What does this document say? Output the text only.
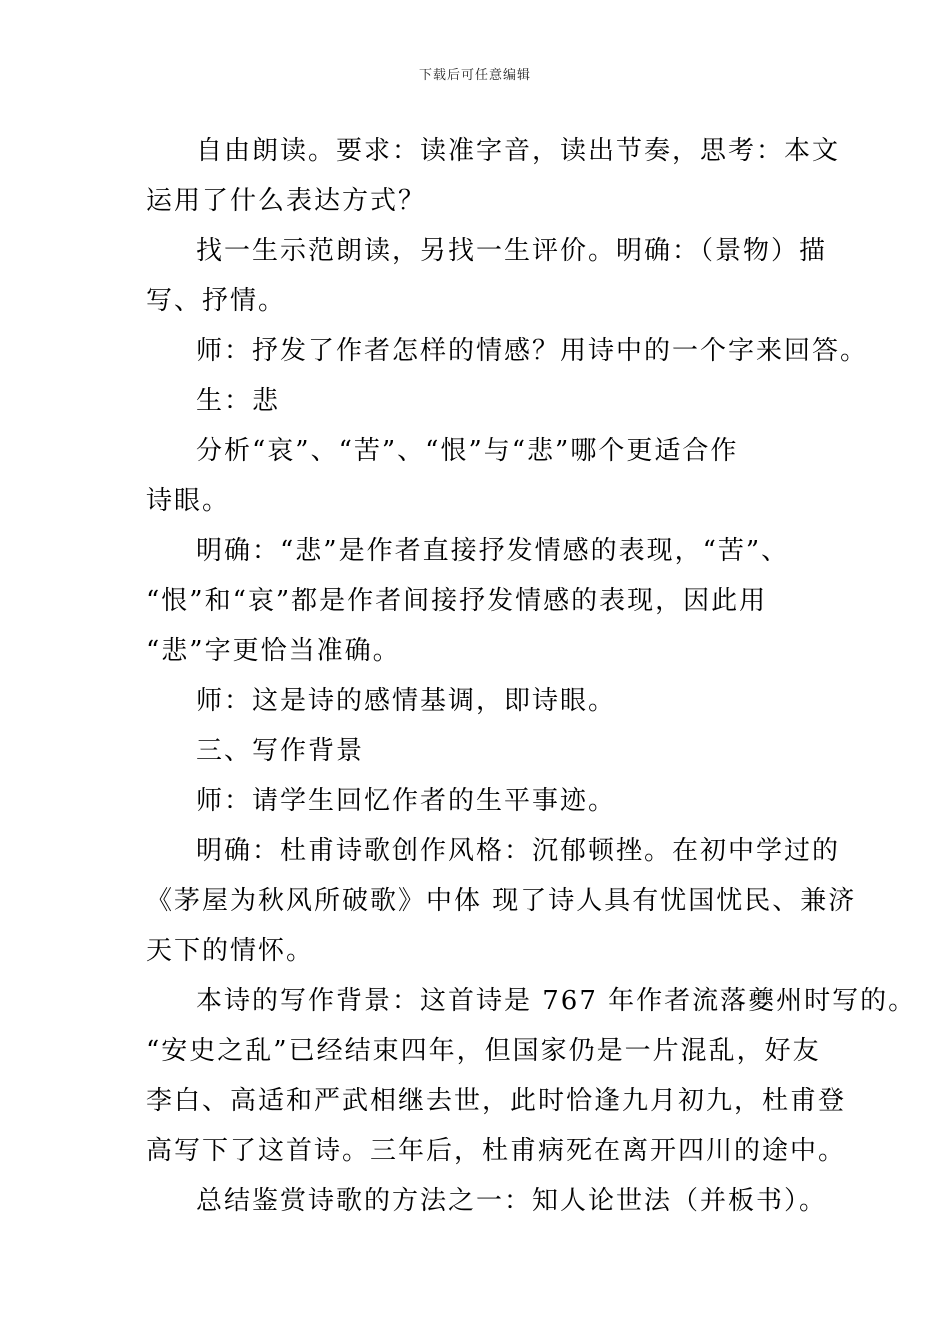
下载后可任意编辑
自由朗读。要求：读准字音，读出节奏，思考：本文
运用了什么表达方式？
找一生示范朗读，另找一生评价。明确：（景物）描
写、抒情。
师：抒发了作者怎样的情感？用诗中的一个字来回答。
生：悲
分析“哀”、“苦”、“恨”与“悲”哪个更适合作
诗眼。
明确：“悲”是作者直接抒发情感的表现，“苦”、
“恨”和“哀”都是作者间接抒发情感的表现，因此用
“悲”字更恰当准确。
师：这是诗的感情基调，即诗眼。
三、写作背景
师：请学生回忆作者的生平事迹。
明确：杜甫诗歌创作风格：沉郁顿挫。在初中学过的
《茅屋为秋风所破歌》中体 现了诗人具有忧国忧民、兼济
天下的情怀。
本诗的写作背景：这首诗是 767 年作者流落夔州时写的。
“安史之乱”已经结束四年，但国家仍是一片混乱，好友
李白、高适和严武相继去世，此时恰逢九月初九，杜甫登
高写下了这首诗。三年后，杜甫病死在离开四川的途中。
总结鉴赏诗歌的方法之一：知人论世法（并板书）。
